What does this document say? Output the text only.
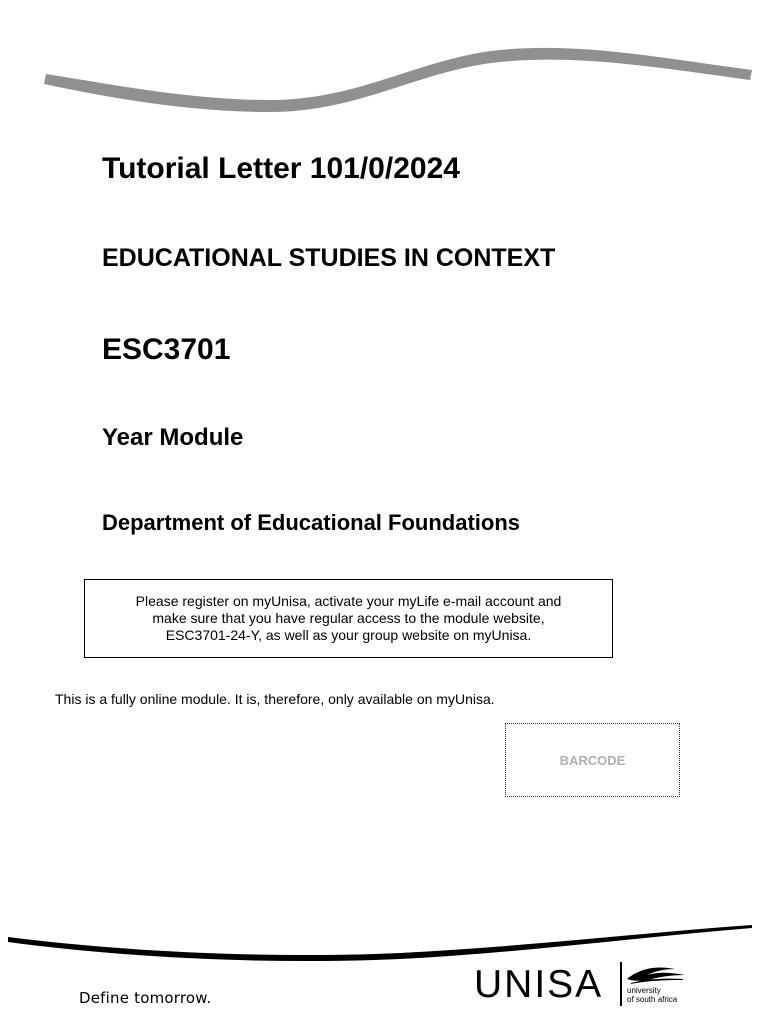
Tutorial Letter 101/0/2024
EDUCATIONAL STUDIES IN CONTEXT
ESC3701
Year Module
Department of Educational Foundations
Please register on myUnisa, activate your myLife e-mail account and
make sure that you have regular access to the module website,
ESC3701-24-Y, as well as your group website on myUnisa.
This is a fully online module. It is, therefore, only available on myUnisa.
BARCODE
Define tomorrow.	UNISA	university
of south africa
